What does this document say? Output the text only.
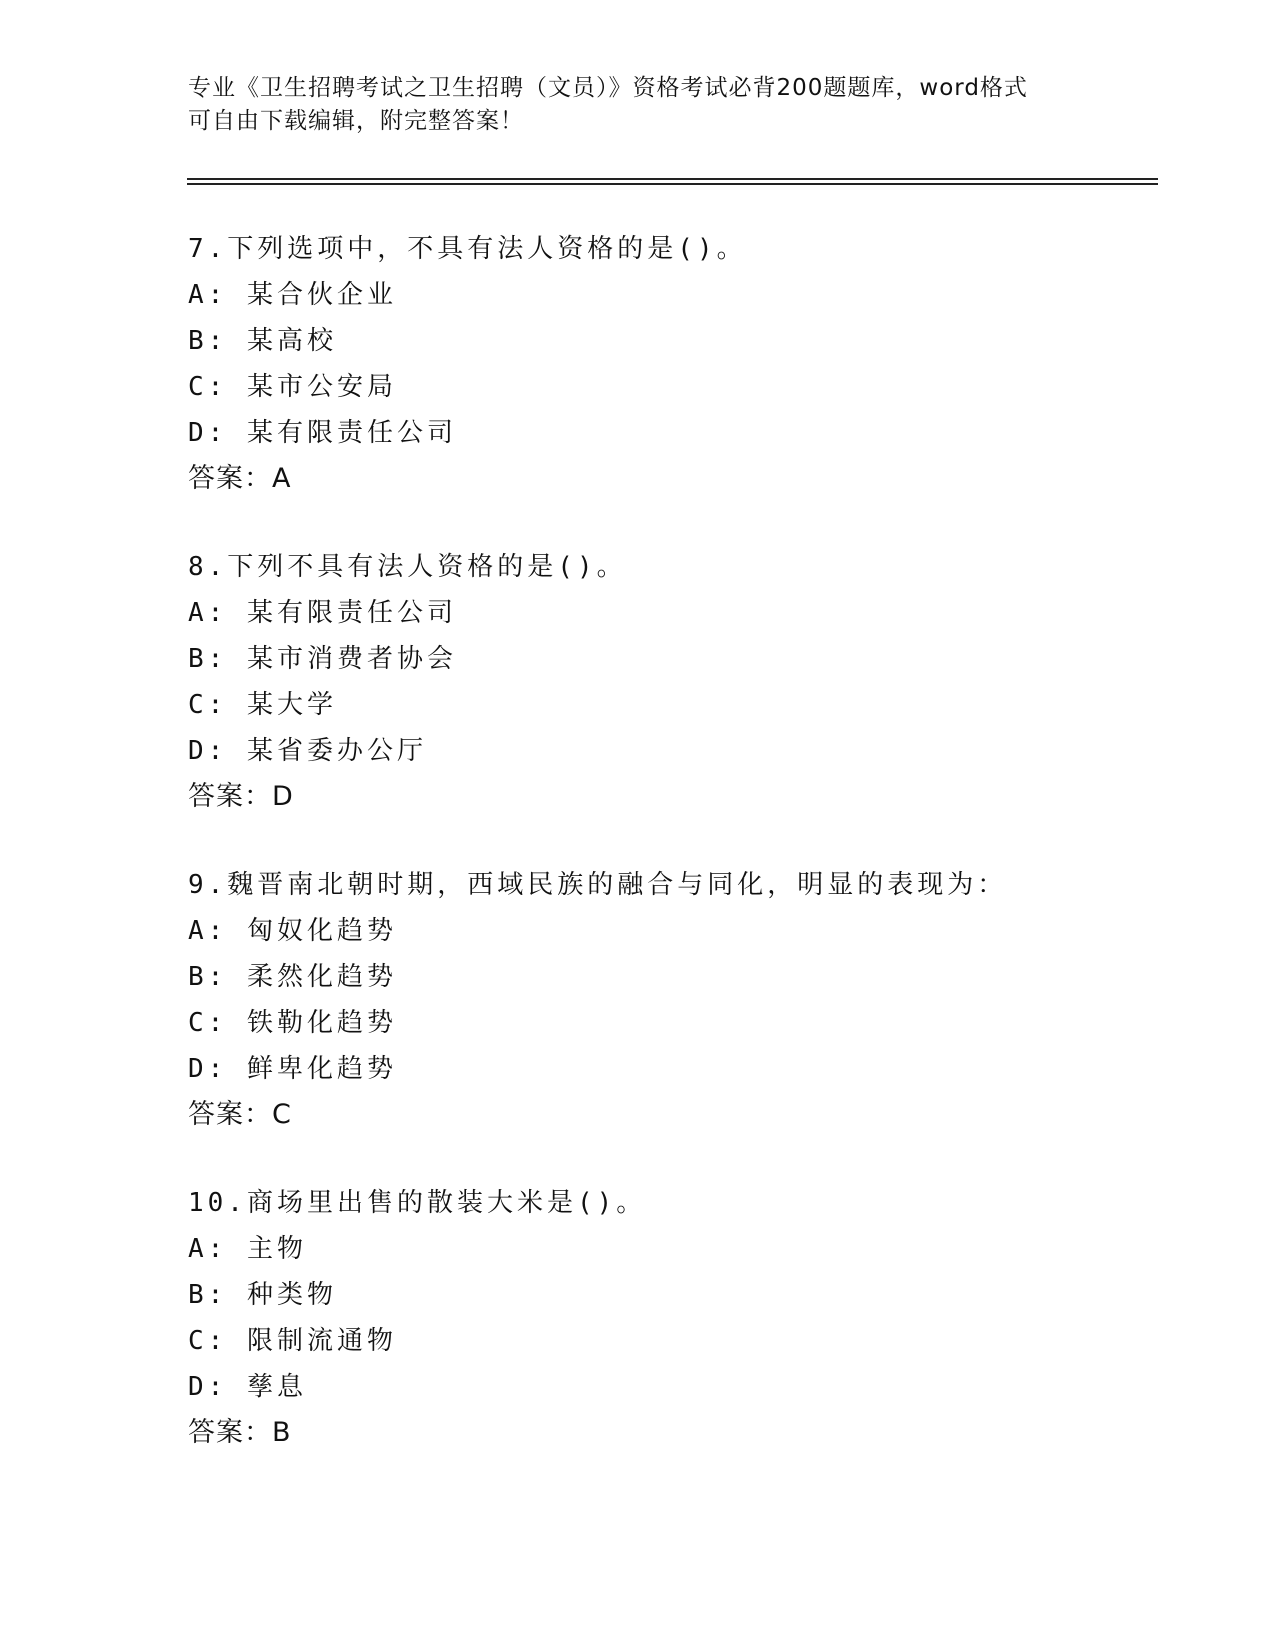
专业《卫生招聘考试之卫生招聘（文员）》资格考试必背200题题库，word格式
可自由下载编辑，附完整答案！
7.下列选项中，不具有法人资格的是()。
A: 某合伙企业
B: 某高校
C: 某市公安局
D: 某有限责任公司
答案：A
8.下列不具有法人资格的是()。
A: 某有限责任公司
B: 某市消费者协会
C: 某大学
D: 某省委办公厅
答案：D
9.魏晋南北朝时期，西域民族的融合与同化，明显的表现为：
A: 匈奴化趋势
B: 柔然化趋势
C: 铁勒化趋势
D: 鲜卑化趋势
答案：C
10.商场里出售的散装大米是()。
A: 主物
B: 种类物
C: 限制流通物
D: 孳息
答案：B
